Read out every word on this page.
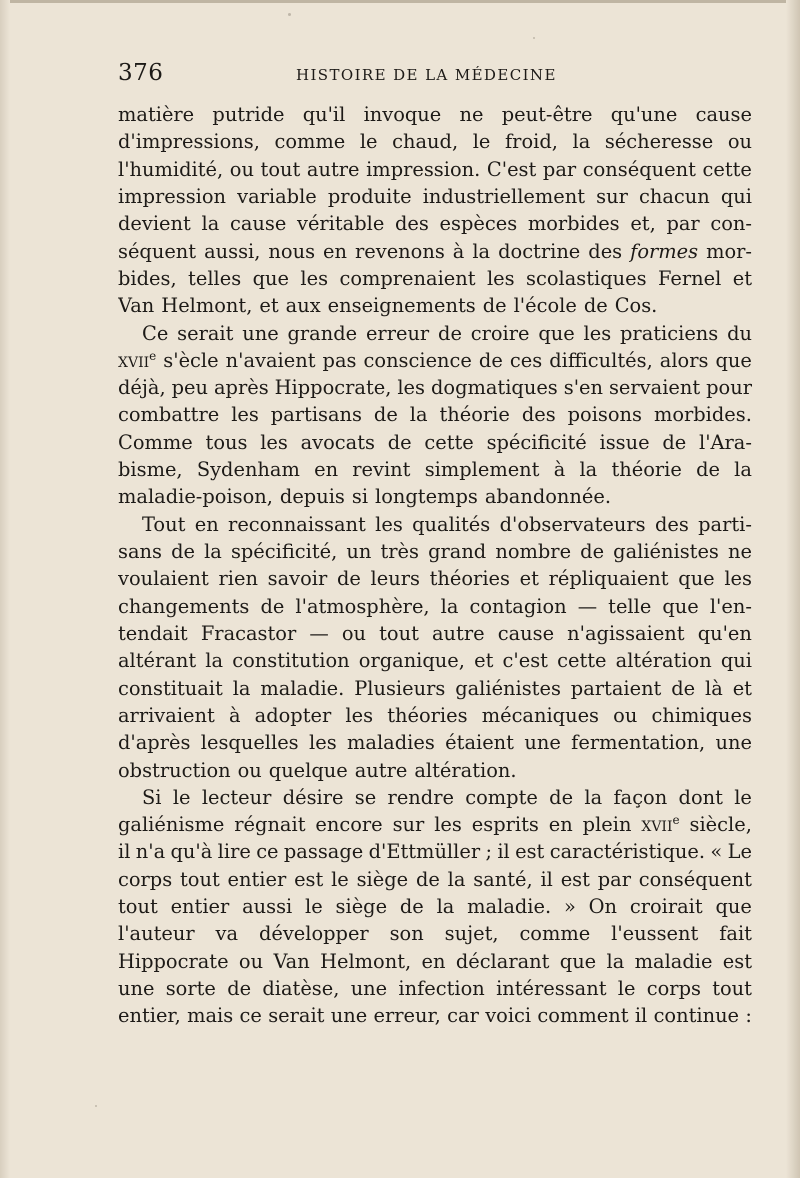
376	HISTOIRE DE LA MÉDECINE
matière putride qu'il invoque ne peut-être qu'une cause
d'impressions, comme le chaud, le froid, la sécheresse ou
l'humidité, ou tout autre impression. C'est par conséquent cette
impression variable produite industriellement sur chacun qui
devient la cause véritable des espèces morbides et, par con-
séquent aussi, nous en revenons à la doctrine des formes mor-
bides, telles que les comprenaient les scolastiques Fernel et
Van Helmont, et aux enseignements de l'école de Cos.
Ce serait une grande erreur de croire que les praticiens du
xvii$^e$ s'ècle n'avaient pas conscience de ces difficultés, alors que
déjà, peu après Hippocrate, les dogmatiques s'en servaient pour
combattre les partisans de la théorie des poisons morbides.
Comme tous les avocats de cette spécificité issue de l'Ara-
bisme, Sydenham en revint simplement à la théorie de la
maladie-poison, depuis si longtemps abandonnée.
Tout en reconnaissant les qualités d'observateurs des parti-
sans de la spécificité, un très grand nombre de galiénistes ne
voulaient rien savoir de leurs théories et répliquaient que les
changements de l'atmosphère, la contagion — telle que l'en-
tendait Fracastor — ou tout autre cause n'agissaient qu'en
altérant la constitution organique, et c'est cette altération qui
constituait la maladie. Plusieurs galiénistes partaient de là et
arrivaient à adopter les théories mécaniques ou chimiques
d'après lesquelles les maladies étaient une fermentation, une
obstruction ou quelque autre altération.
Si le lecteur désire se rendre compte de la façon dont le
galiénisme régnait encore sur les esprits en plein xvii$^e$ siècle,
il n'a qu'à lire ce passage d'Ettmüller ; il est caractéristique. « Le
corps tout entier est le siège de la santé, il est par conséquent
tout entier aussi le siège de la maladie. » On croirait que
l'auteur va développer son sujet, comme l'eussent fait
Hippocrate ou Van Helmont, en déclarant que la maladie est
une sorte de diatèse, une infection intéressant le corps tout
entier, mais ce serait une erreur, car voici comment il continue :
